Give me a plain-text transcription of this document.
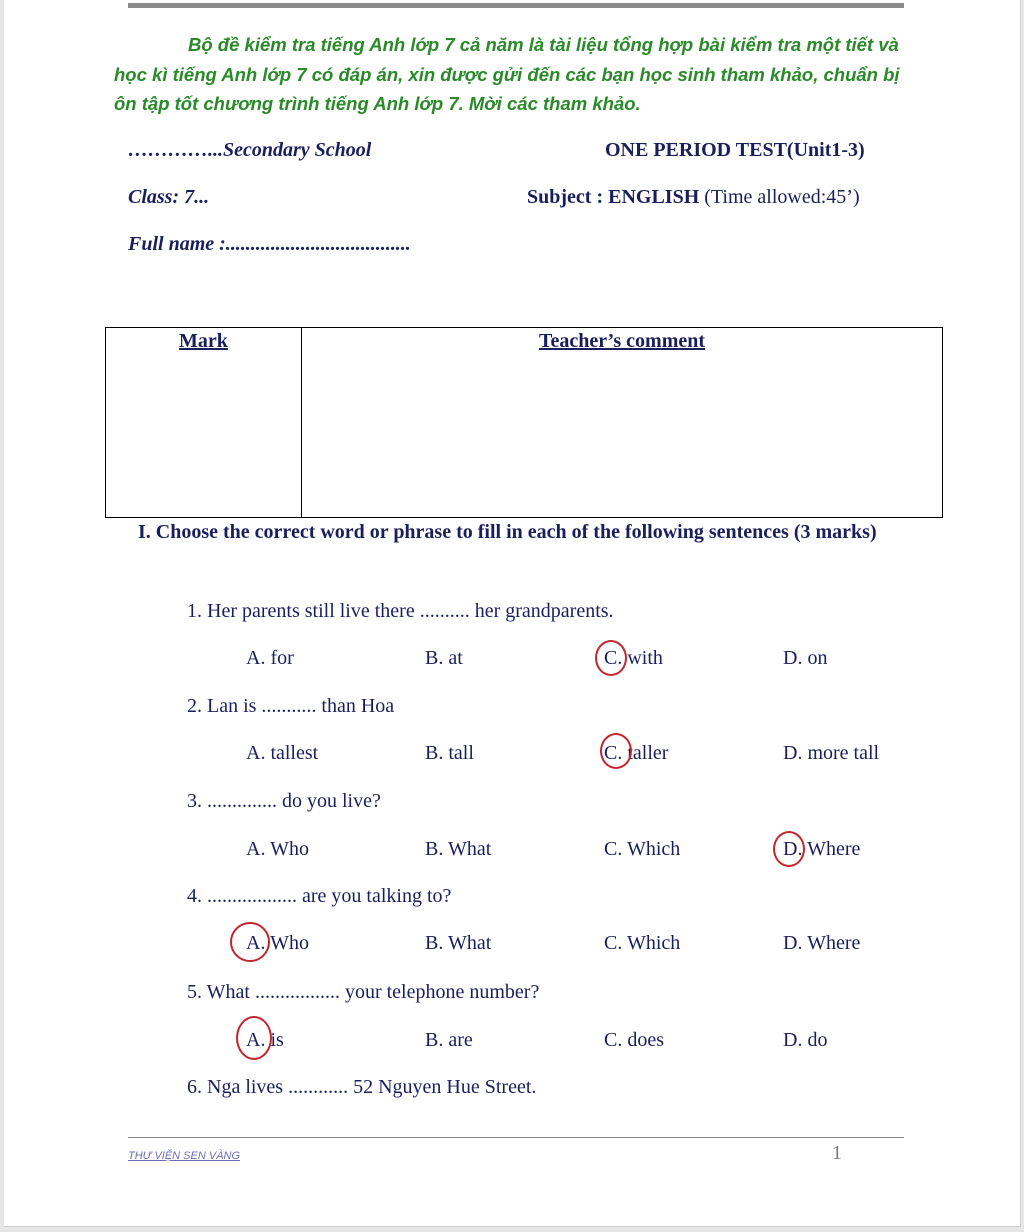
Bộ đề kiểm tra tiếng Anh lớp 7 cả năm là tài liệu tổng hợp bài kiểm tra một tiết và học kì tiếng Anh lớp 7 có đáp án, xin được gửi đến các bạn học sinh tham khảo, chuẩn bị ôn tập tốt chương trình tiếng Anh lớp 7. Mời các tham khảo.
…………...Secondary School	ONE PERIOD TEST(Unit1-3)
Class: 7...	Subject : ENGLISH (Time allowed:45’)
Full name :.....................................
Mark	Teacher’s comment
I. Choose the correct word or phrase to fill in each of the following sentences (3 marks)
1. Her parents still live there .......... her grandparents.
A. for	B. at	C. with	D. on
2. Lan is ........... than Hoa
A. tallest	B. tall	C. taller	D. more tall
3. .............. do you live?
A. Who	B. What	C. Which	D. Where
4. .................. are you talking to?
A. Who	B. What	C. Which	D. Where
5. What ................. your telephone number?
A. is	B. are	C. does	D. do
6. Nga lives ............ 52 Nguyen Hue Street.
THƯ VIỆN SEN VÀNG	1
